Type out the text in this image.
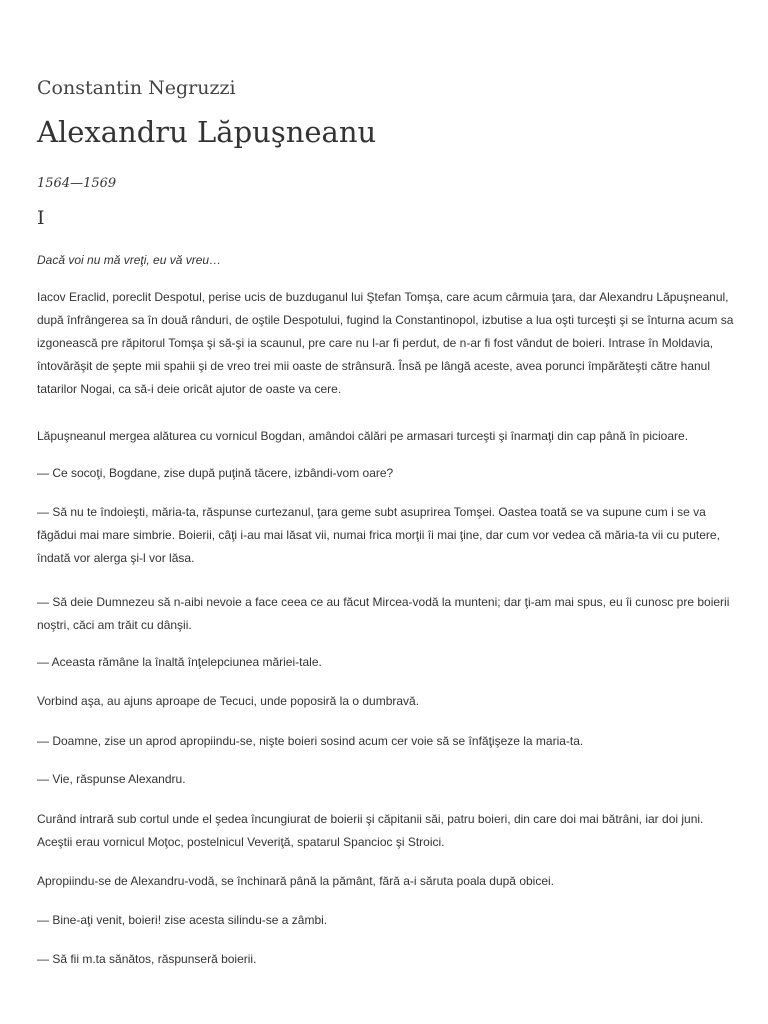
Constantin Negruzzi
Alexandru Lăpuşneanu

1564—1569

I

Dacă voi nu mă vreţi, eu vă vreu…

Iacov Eraclid, poreclit Despotul, perise ucis de buzduganul lui Ştefan Tomşa, care acum cârmuia ţara, dar Alexandru Lăpuşneanul, după înfrângerea sa în două rânduri, de oştile Despotului, fugind la Constantinopol, izbutise a lua oşti turceşti şi se înturna acum sa izgonească pre răpitorul Tomşa şi să-şi ia scaunul, pre care nu l-ar fi perdut, de n-ar fi fost vândut de boieri. Intrase în Moldavia, întovărăşit de şepte mii spahii şi de vreo trei mii oaste de strânsură. Însă pe lângă aceste, avea porunci împărăteşti către hanul tatarilor Nogai, ca să-i deie oricât ajutor de oaste va cere.

Lăpuşneanul mergea alăturea cu vornicul Bogdan, amândoi călări pe armasari turceşti şi înarmaţi din cap până în picioare.

— Ce socoţi, Bogdane, zise după puţină tăcere, izbândi-vom oare?

— Să nu te îndoieşti, măria-ta, răspunse curtezanul, ţara geme subt asuprirea Tomşei. Oastea toată se va supune cum i se va făgădui mai mare simbrie. Boierii, câţi i-au mai lăsat vii, numai frica morţii îi mai ţine, dar cum vor vedea că măria-ta vii cu putere, îndată vor alerga şi-l vor lăsa.

— Să deie Dumnezeu să n-aibi nevoie a face ceea ce au făcut Mircea-vodă la munteni; dar ţi-am mai spus, eu îi cunosc pre boierii noştri, căci am trăit cu dânşii.

— Aceasta rămâne la înaltă înţelepciunea măriei-tale.

Vorbind aşa, au ajuns aproape de Tecuci, unde poposiră la o dumbravă.

— Doamne, zise un aprod apropiindu-se, nişte boieri sosind acum cer voie să se înfăţişeze la maria-ta.

— Vie, răspunse Alexandru.

Curând intrară sub cortul unde el şedea încungiurat de boierii şi căpitanii săi, patru boieri, din care doi mai bătrâni, iar doi juni. Aceştii erau vornicul Moţoc, postelnicul Veveriţă, spatarul Spancioc şi Stroici.

Apropiindu-se de Alexandru-vodă, se închinară până la pământ, fără a-i săruta poala după obicei.

— Bine-aţi venit, boieri! zise acesta silindu-se a zâmbi.

— Să fii m.ta sănătos, răspunseră boierii.
